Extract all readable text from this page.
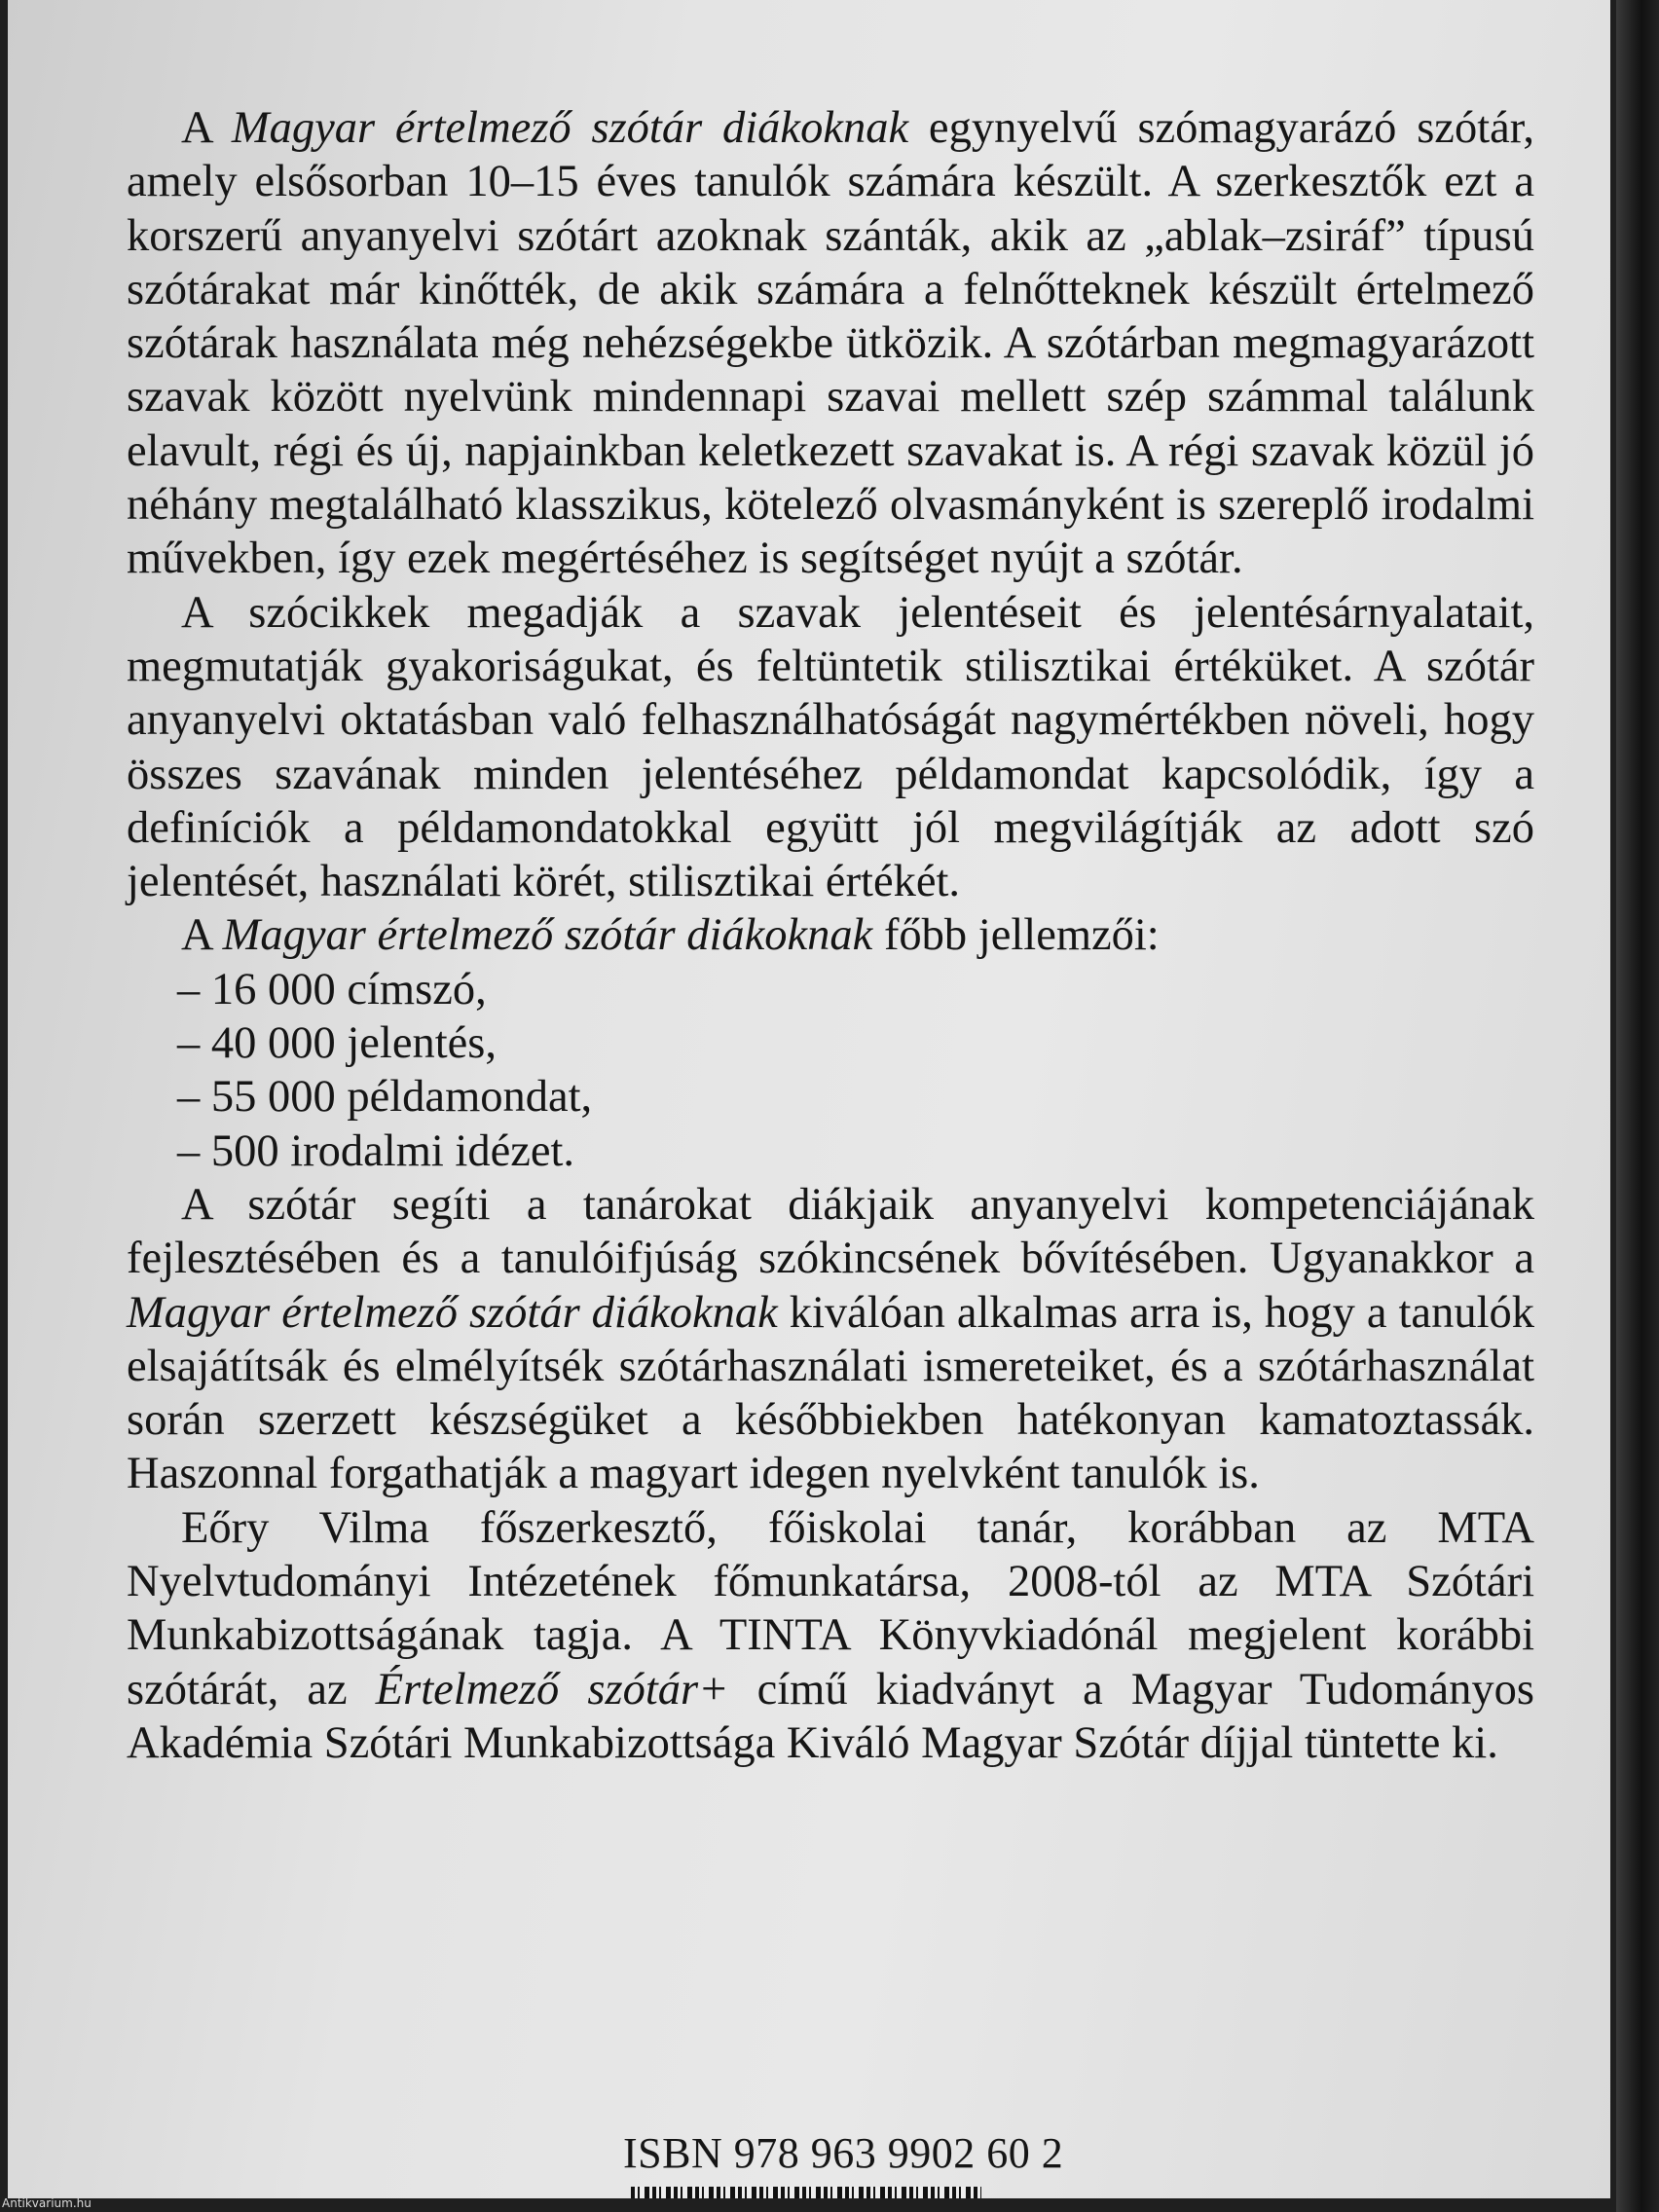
A Magyar értelmező szótár diákoknak egynyelvű szómagyarázó szótár, amely elsősorban 10–15 éves tanulók számára készült. A szerkesztők ezt a korszerű anyanyelvi szótárt azoknak szánták, akik az „ablak–zsiráf” típusú szótárakat már kinőtték, de akik számára a felnőtteknek készült értelmező szótárak használata még nehézségekbe ütközik. A szótárban megmagyarázott szavak között nyelvünk mindennapi szavai mellett szép számmal találunk elavult, régi és új, napjainkban keletkezett szavakat is. A régi szavak közül jó néhány megtalálható klasszikus, kötelező olvasmányként is szereplő irodalmi művekben, így ezek megértéséhez is segítséget nyújt a szótár.

A szócikkek megadják a szavak jelentéseit és jelentésárnyalatait, megmutatják gyakoriságukat, és feltüntetik stilisztikai értéküket. A szótár anyanyelvi oktatásban való felhasználhatóságát nagymértékben növeli, hogy összes szavának minden jelentéséhez példamondat kapcsolódik, így a definíciók a példamondatokkal együtt jól megvilágítják az adott szó jelentését, használati körét, stilisztikai értékét.

A Magyar értelmező szótár diákoknak főbb jellemzői:

– 16 000 címszó,

– 40 000 jelentés,

– 55 000 példamondat,

– 500 irodalmi idézet.

A szótár segíti a tanárokat diákjaik anyanyelvi kompetenciájának fejlesztésében és a tanulóifjúság szókincsének bővítésében. Ugyanakkor a Magyar értelmező szótár diákoknak kiválóan alkalmas arra is, hogy a tanulók elsajátítsák és elmélyítsék szótárhasználati ismereteiket, és a szótárhasználat során szerzett készségüket a későbbiekben hatékonyan kamatoztassák. Haszonnal forgathatják a magyart idegen nyelvként tanulók is.

Eőry Vilma főszerkesztő, főiskolai tanár, korábban az MTA Nyelvtudományi Intézetének főmunkatársa, 2008-tól az MTA Szótári Munkabizottságának tagja. A TINTA Könyvkiadónál megjelent korábbi szótárát, az Értelmező szótár+ című kiadványt a Magyar Tudományos Akadémia Szótári Munkabizottsága Kiváló Magyar Szótár díjjal tüntette ki.

ISBN 978 963 9902 60 2
Antikvarium.hu
